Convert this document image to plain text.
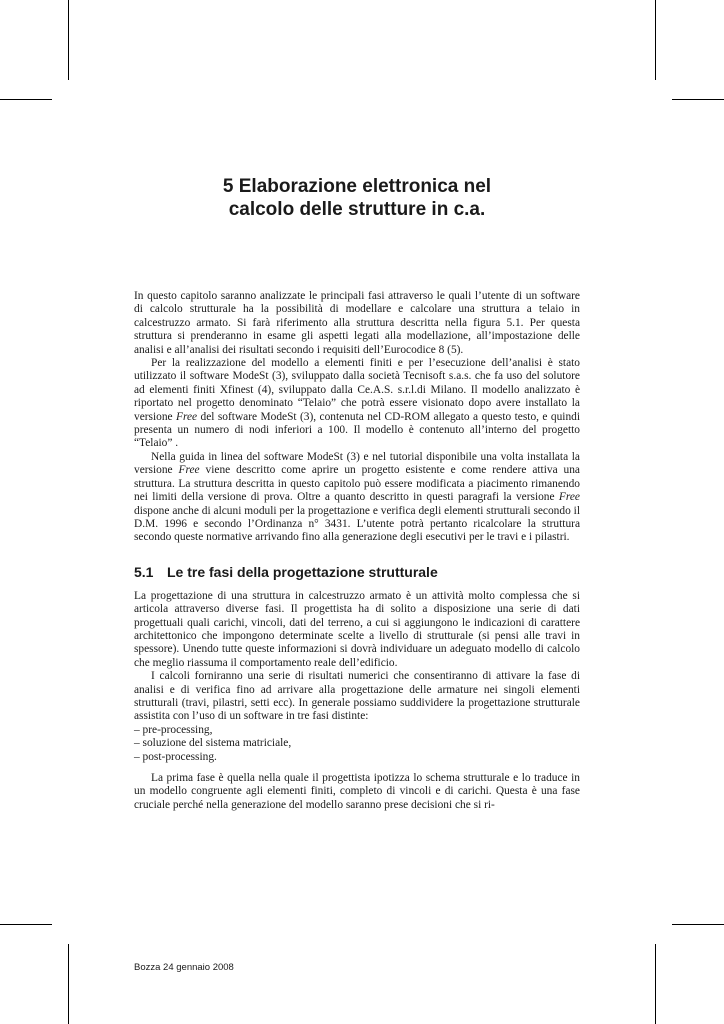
5 Elaborazione elettronica nel
calcolo delle strutture in c.a.

In questo capitolo saranno analizzate le principali fasi attraverso le quali l’utente di un software di calcolo strutturale ha la possibilità di modellare e calcolare una struttura a telaio in calcestruzzo armato. Si farà riferimento alla struttura descritta nella figura 5.1. Per questa struttura si prenderanno in esame gli aspetti legati alla modellazione, all’impostazione delle analisi e all’analisi dei risultati secondo i requisiti dell’Eurocodice 8 (5).

Per la realizzazione del modello a elementi finiti e per l’esecuzione dell’analisi è stato utilizzato il software ModeSt (3), sviluppato dalla società Tecnisoft s.a.s. che fa uso del solutore ad elementi finiti Xfinest (4), sviluppato dalla Ce.A.S. s.r.l.di Milano. Il modello analizzato è riportato nel progetto denominato “Telaio” che potrà essere visionato dopo avere installato la versione Free del software ModeSt (3), contenuta nel CD-ROM allegato a questo testo, e quindi presenta un numero di nodi inferiori a 100. Il modello è contenuto all’interno del progetto “Telaio” .

Nella guida in linea del software ModeSt (3) e nel tutorial disponibile una volta installata la versione Free viene descritto come aprire un progetto esistente e come rendere attiva una struttura. La struttura descritta in questo capitolo può essere modificata a piacimento rimanendo nei limiti della versione di prova. Oltre a quanto descritto in questi paragrafi la versione Free dispone anche di alcuni moduli per la progettazione e verifica degli elementi strutturali secondo il D.M. 1996 e secondo l’Ordinanza n° 3431. L’utente potrà pertanto ricalcolare la struttura secondo queste normative arrivando fino alla generazione degli esecutivi per le travi e i pilastri.

5.1 Le tre fasi della progettazione strutturale

La progettazione di una struttura in calcestruzzo armato è un attività molto complessa che si articola attraverso diverse fasi. Il progettista ha di solito a disposizione una serie di dati progettuali quali carichi, vincoli, dati del terreno, a cui si aggiungono le indicazioni di carattere architettonico che impongono determinate scelte a livello di strutturale (si pensi alle travi in spessore). Unendo tutte queste informazioni si dovrà individuare un adeguato modello di calcolo che meglio riassuma il comportamento reale dell’edificio.

I calcoli forniranno una serie di risultati numerici che consentiranno di attivare la fase di analisi e di verifica fino ad arrivare alla progettazione delle armature nei singoli elementi strutturali (travi, pilastri, setti ecc). In generale possiamo suddividere la progettazione strutturale assistita con l’uso di un software in tre fasi distinte:

– pre-processing,
– soluzione del sistema matriciale,
– post-processing.

La prima fase è quella nella quale il progettista ipotizza lo schema strutturale e lo traduce in un modello congruente agli elementi finiti, completo di vincoli e di carichi. Questa è una fase cruciale perché nella generazione del modello saranno prese decisioni che si ri-

Bozza 24 gennaio 2008
